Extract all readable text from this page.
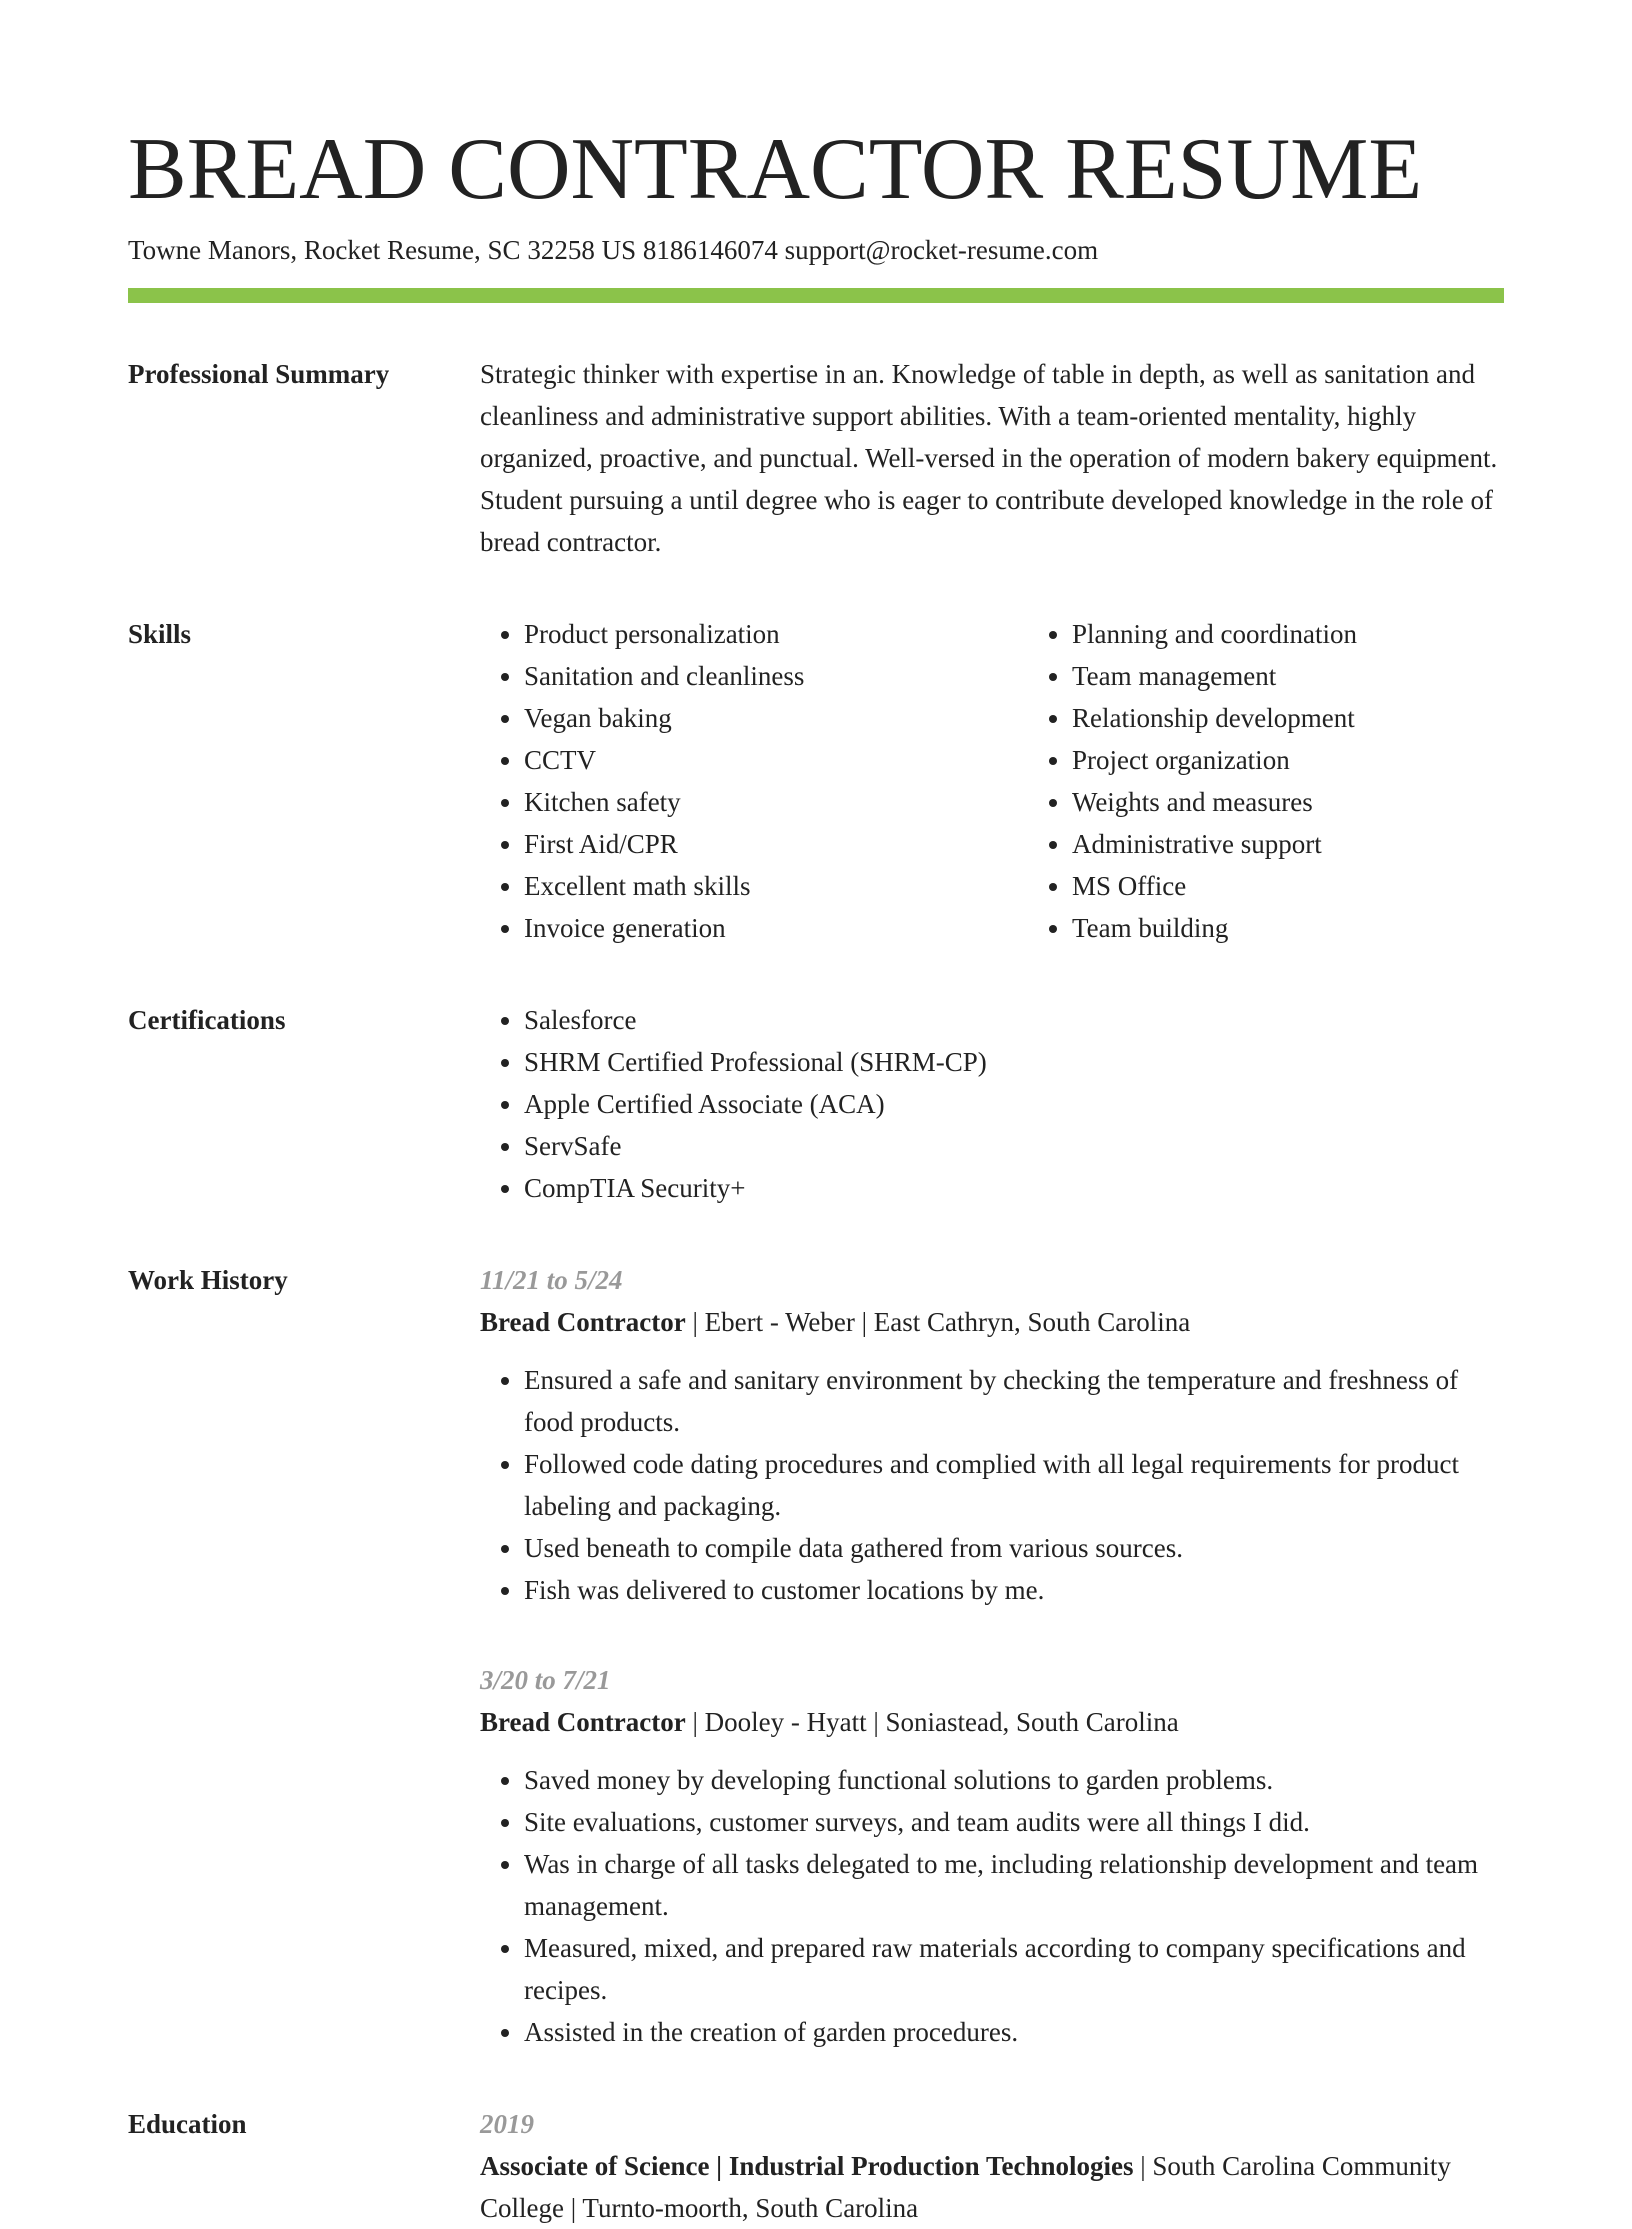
BREAD CONTRACTOR RESUME
Towne Manors, Rocket Resume, SC 32258 US 8186146074 support@rocket-resume.com
Professional Summary	Strategic thinker with expertise in an. Knowledge of table in depth, as well as sanitation and cleanliness and administrative support abilities. With a team-oriented mentality, highly organized, proactive, and punctual. Well-versed in the operation of modern bakery equipment. Student pursuing a until degree who is eager to contribute developed knowledge in the role of bread contractor.

Skills	• Product personalization
• Sanitation and cleanliness
• Vegan baking
• CCTV
• Kitchen safety
• First Aid/CPR
• Excellent math skills
• Invoice generation
• Planning and coordination
• Team management
• Relationship development
• Project organization
• Weights and measures
• Administrative support
• MS Office
• Team building
Certifications	• Salesforce
• SHRM Certified Professional (SHRM-CP)
• Apple Certified Associate (ACA)
• ServSafe
• CompTIA Security+
Work History	11/21 to 5/24
Bread Contractor | Ebert - Weber | East Cathryn, South Carolina
• Ensured a safe and sanitary environment by checking the temperature and freshness of food products.
• Followed code dating procedures and complied with all legal requirements for product labeling and packaging.
• Used beneath to compile data gathered from various sources.
• Fish was delivered to customer locations by me.
3/20 to 7/21
Bread Contractor | Dooley - Hyatt | Soniastead, South Carolina
• Saved money by developing functional solutions to garden problems.
• Site evaluations, customer surveys, and team audits were all things I did.
• Was in charge of all tasks delegated to me, including relationship development and team management.
• Measured, mixed, and prepared raw materials according to company specifications and recipes.
• Assisted in the creation of garden procedures.
Education	2019
Associate of Science | Industrial Production Technologies | South Carolina Community College | Turnto-moorth, South Carolina
